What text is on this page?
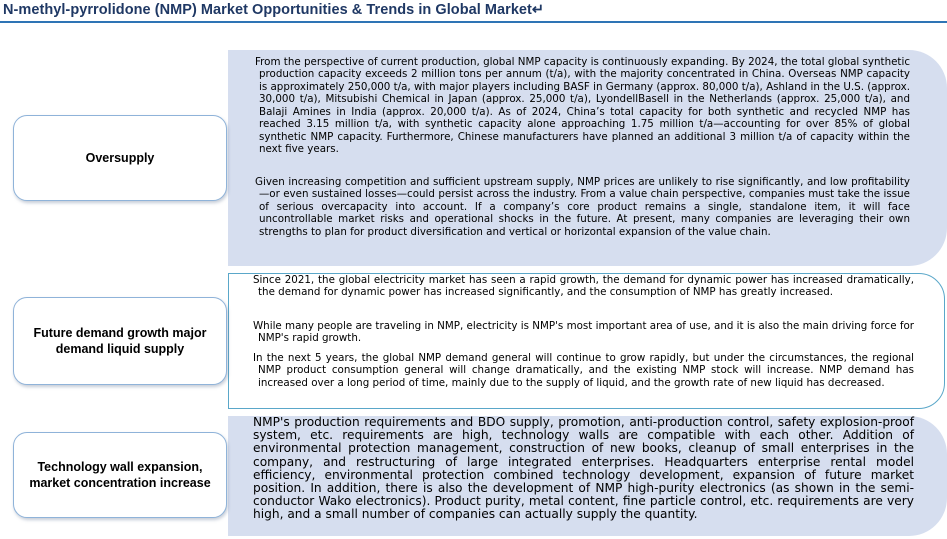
N-methyl-pyrrolidone (NMP) Market Opportunities & Trends in Global Market↵
Oversupply
From the perspective of current production, global NMP capacity is continuously expanding. By 2024, the total global synthetic production capacity exceeds 2 million tons per annum (t/a), with the majority concentrated in China. Overseas NMP capacity is approximately 250,000 t/a, with major players including BASF in Germany (approx. 80,000 t/a), Ashland in the U.S. (approx. 30,000 t/a), Mitsubishi Chemical in Japan (approx. 25,000 t/a), LyondellBasell in the Netherlands (approx. 25,000 t/a), and Balaji Amines in India (approx. 20,000 t/a). As of 2024, China’s total capacity for both synthetic and recycled NMP has reached 3.15 million t/a, with synthetic capacity alone approaching 1.75 million t/a—accounting for over 85% of global synthetic NMP capacity. Furthermore, Chinese manufacturers have planned an additional 3 million t/a of capacity within the next five years.
Given increasing competition and sufficient upstream supply, NMP prices are unlikely to rise significantly, and low profitability—or even sustained losses—could persist across the industry. From a value chain perspective, companies must take the issue of serious overcapacity into account. If a company’s core product remains a single, standalone item, it will face uncontrollable market risks and operational shocks in the future. At present, many companies are leveraging their own strengths to plan for product diversification and vertical or horizontal expansion of the value chain.
Future demand growth major demand liquid supply
Since 2021, the global electricity market has seen a rapid growth, the demand for dynamic power has increased dramatically, the demand for dynamic power has increased significantly, and the consumption of NMP has greatly increased.
While many people are traveling in NMP, electricity is NMP's most important area of use, and it is also the main driving force for NMP's rapid growth.
In the next 5 years, the global NMP demand general will continue to grow rapidly, but under the circumstances, the regional NMP product consumption general will change dramatically, and the existing NMP stock will increase. NMP demand has increased over a long period of time, mainly due to the supply of liquid, and the growth rate of new liquid has decreased.
Technology wall expansion, market concentration increase
NMP's production requirements and BDO supply, promotion, anti-production control, safety explosion-proof system, etc. requirements are high, technology walls are compatible with each other. Addition of environmental protection management, construction of new books, cleanup of small enterprises in the company, and restructuring of large integrated enterprises. Headquarters enterprise rental model efficiency, environmental protection combined technology development, expansion of future market position. In addition, there is also the development of NMP high-purity electronics (as shown in the semi-conductor Wako electronics). Product purity, metal content, fine particle control, etc. requirements are very high, and a small number of companies can actually supply the quantity.
